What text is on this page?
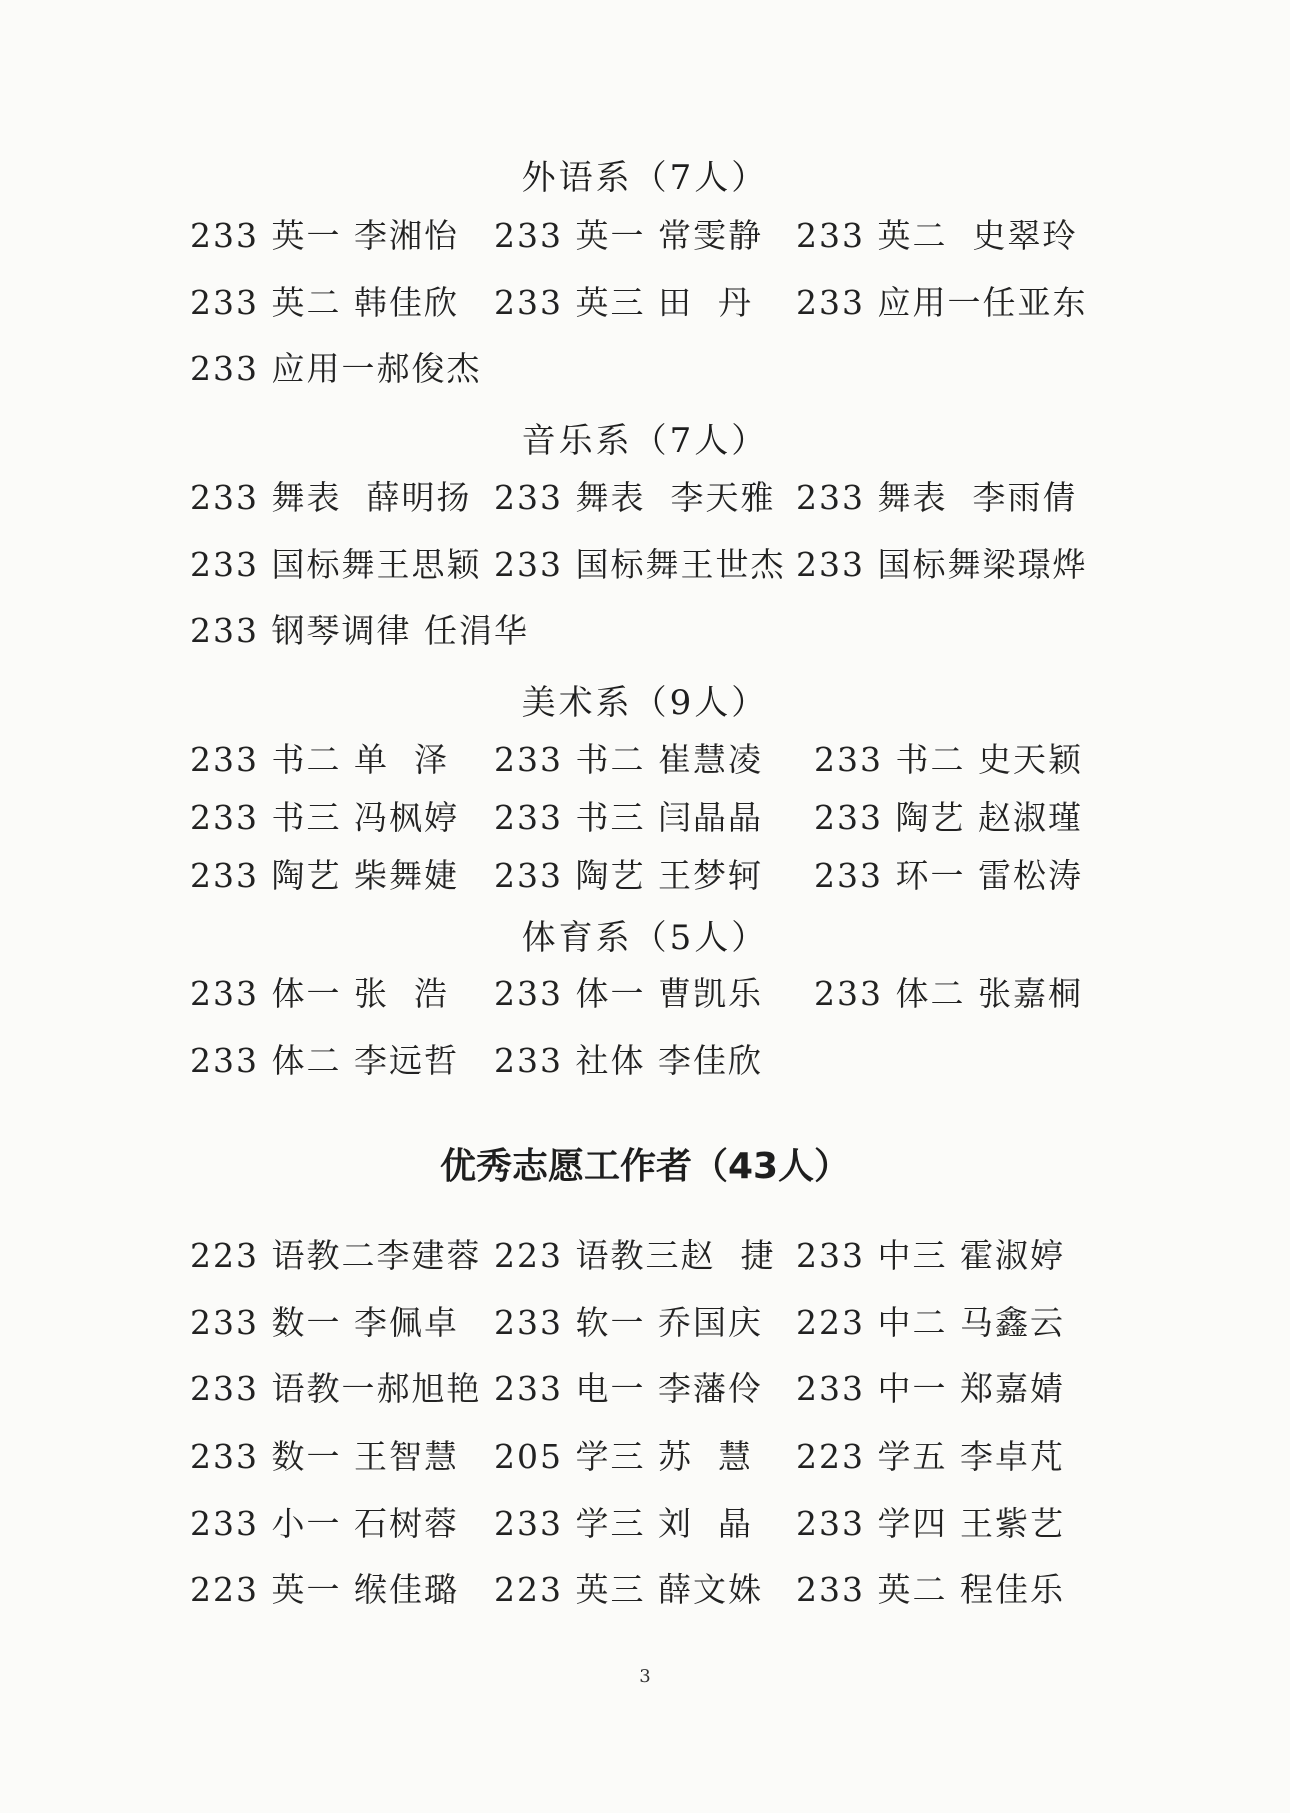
外语系（7人）
233 英一 李湘怡 233 英一 常雯静 233 英二  史翠玲
233 英二 韩佳欣 233 英三 田  丹 233 应用一任亚东
233 应用一郝俊杰
音乐系（7人）
233 舞表  薛明扬 233 舞表  李天雅 233 舞表  李雨倩
233 国标舞王思颖 233 国标舞王世杰 233 国标舞梁璟烨
233 钢琴调律 任涓华
美术系（9人）
233 书二 单  泽 233 书二 崔慧凌 233 书二 史天颖
233 书三 冯枫婷 233 书三 闫晶晶 233 陶艺 赵淑瑾
233 陶艺 柴舞婕 233 陶艺 王梦轲 233 环一 雷松涛
体育系（5人）
233 体一 张  浩 233 体一 曹凯乐 233 体二 张嘉桐
233 体二 李远哲 233 社体 李佳欣
优秀志愿工作者（43人）
223 语教二李建蓉 223 语教三赵  捷 233 中三 霍淑婷
233 数一 李佩卓 233 软一 乔国庆 223 中二 马鑫云
233 语教一郝旭艳 233 电一 李藩伶 233 中一 郑嘉婧
233 数一 王智慧 205 学三 苏  慧 223 学五 李卓芃
233 小一 石树蓉 233 学三 刘  晶 233 学四 王紫艺
223 英一 缑佳璐 223 英三 薛文姝 233 英二 程佳乐
3
